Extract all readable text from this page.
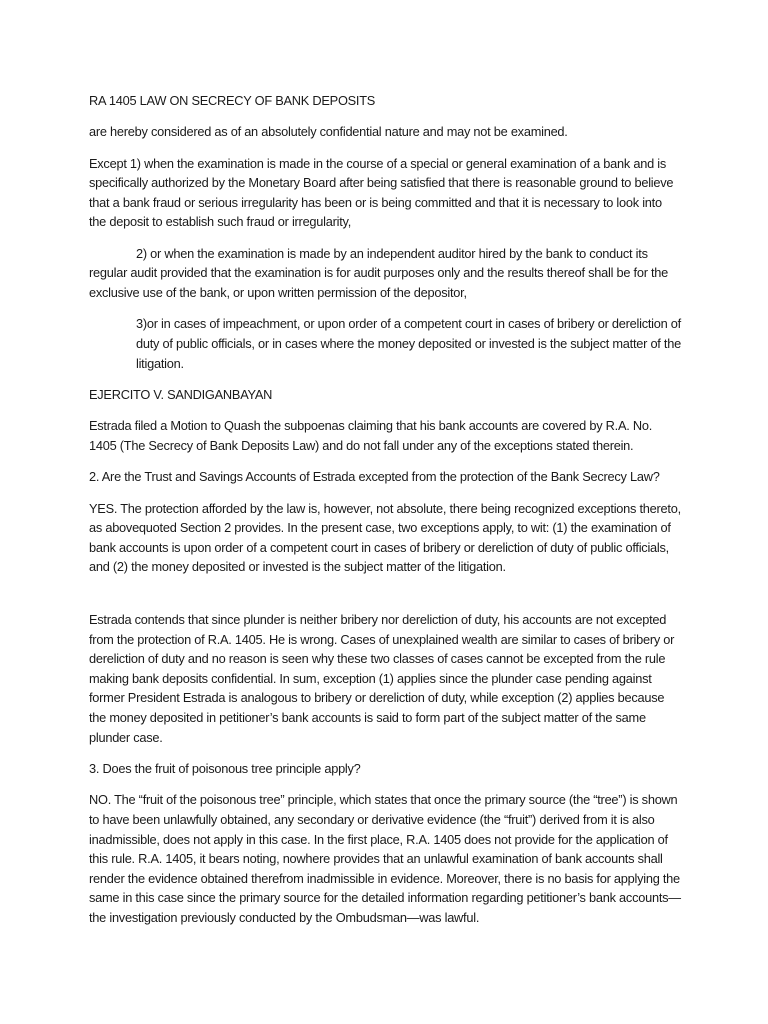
RA 1405 LAW ON SECRECY OF BANK DEPOSITS

are hereby considered as of an absolutely confidential nature and may not be examined.

Except 1) when the examination is made in the course of a special or general examination of a bank and is specifically authorized by the Monetary Board after being satisfied that there is reasonable ground to believe that a bank fraud or serious irregularity has been or is being committed and that it is necessary to look into the deposit to establish such fraud or irregularity,

2) or when the examination is made by an independent auditor hired by the bank to conduct its regular audit provided that the examination is for audit purposes only and the results thereof shall be for the exclusive use of the bank, or upon written permission of the depositor,

3)or in cases of impeachment, or upon order of a competent court in cases of bribery or dereliction of duty of public officials, or in cases where the money deposited or invested is the subject matter of the litigation.

EJERCITO V. SANDIGANBAYAN

Estrada filed a Motion to Quash the subpoenas claiming that his bank accounts are covered by R.A. No. 1405 (The Secrecy of Bank Deposits Law) and do not fall under any of the exceptions stated therein.

2. Are the Trust and Savings Accounts of Estrada excepted from the protection of the Bank Secrecy Law?

YES. The protection afforded by the law is, however, not absolute, there being recognized exceptions thereto, as abovequoted Section 2 provides. In the present case, two exceptions apply, to wit: (1) the examination of bank accounts is upon order of a competent court in cases of bribery or dereliction of duty of public officials, and (2) the money deposited or invested is the subject matter of the litigation.

Estrada contends that since plunder is neither bribery nor dereliction of duty, his accounts are not excepted from the protection of R.A. 1405. He is wrong. Cases of unexplained wealth are similar to cases of bribery or dereliction of duty and no reason is seen why these two classes of cases cannot be excepted from the rule making bank deposits confidential. In sum, exception (1) applies since the plunder case pending against former President Estrada is analogous to bribery or dereliction of duty, while exception (2) applies because the money deposited in petitioner’s bank accounts is said to form part of the subject matter of the same plunder case.

3. Does the fruit of poisonous tree principle apply?

NO. The “fruit of the poisonous tree” principle, which states that once the primary source (the “tree”) is shown to have been unlawfully obtained, any secondary or derivative evidence (the “fruit”) derived from it is also inadmissible, does not apply in this case. In the first place, R.A. 1405 does not provide for the application of this rule. R.A. 1405, it bears noting, nowhere provides that an unlawful examination of bank accounts shall render the evidence obtained therefrom inadmissible in evidence. Moreover, there is no basis for applying the same in this case since the primary source for the detailed information regarding petitioner’s bank accounts—the investigation previously conducted by the Ombudsman—was lawful.
